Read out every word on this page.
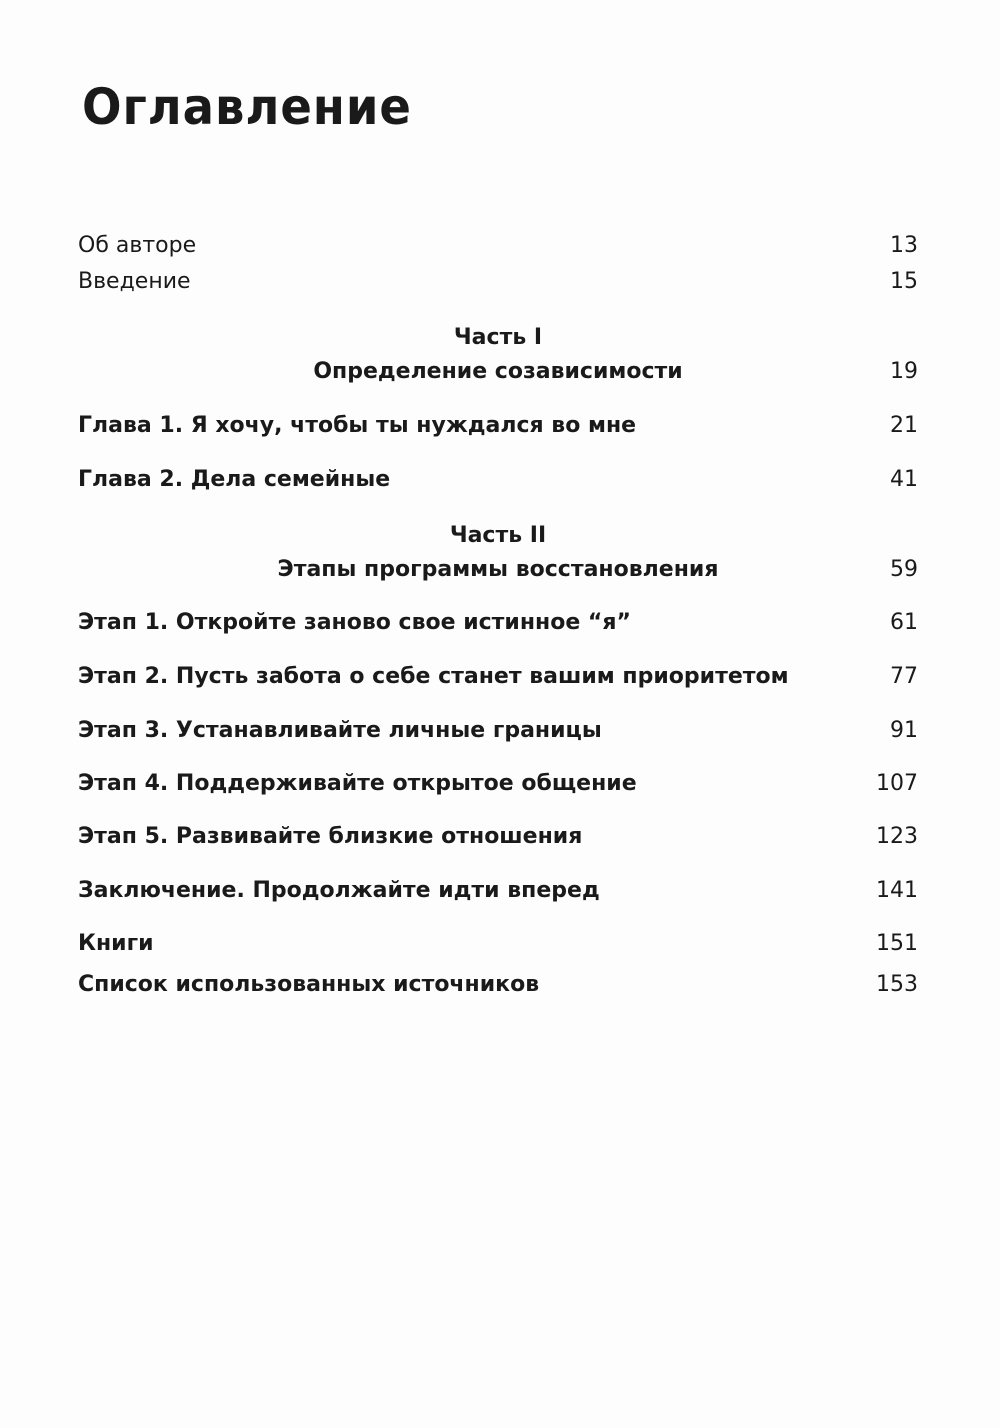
Оглавление
Об авторе	13
Введение	15
Часть I
Определение созависимости	19
Глава 1. Я хочу, чтобы ты нуждался во мне	21
Глава 2. Дела семейные	41
Часть II
Этапы программы восстановления	59
Этап 1. Откройте заново свое истинное “я”	61
Этап 2. Пусть забота о себе станет вашим приоритетом	77
Этап 3. Устанавливайте личные границы	91
Этап 4. Поддерживайте открытое общение	107
Этап 5. Развивайте близкие отношения	123
Заключение. Продолжайте идти вперед	141
Книги	151
Список использованных источников	153
